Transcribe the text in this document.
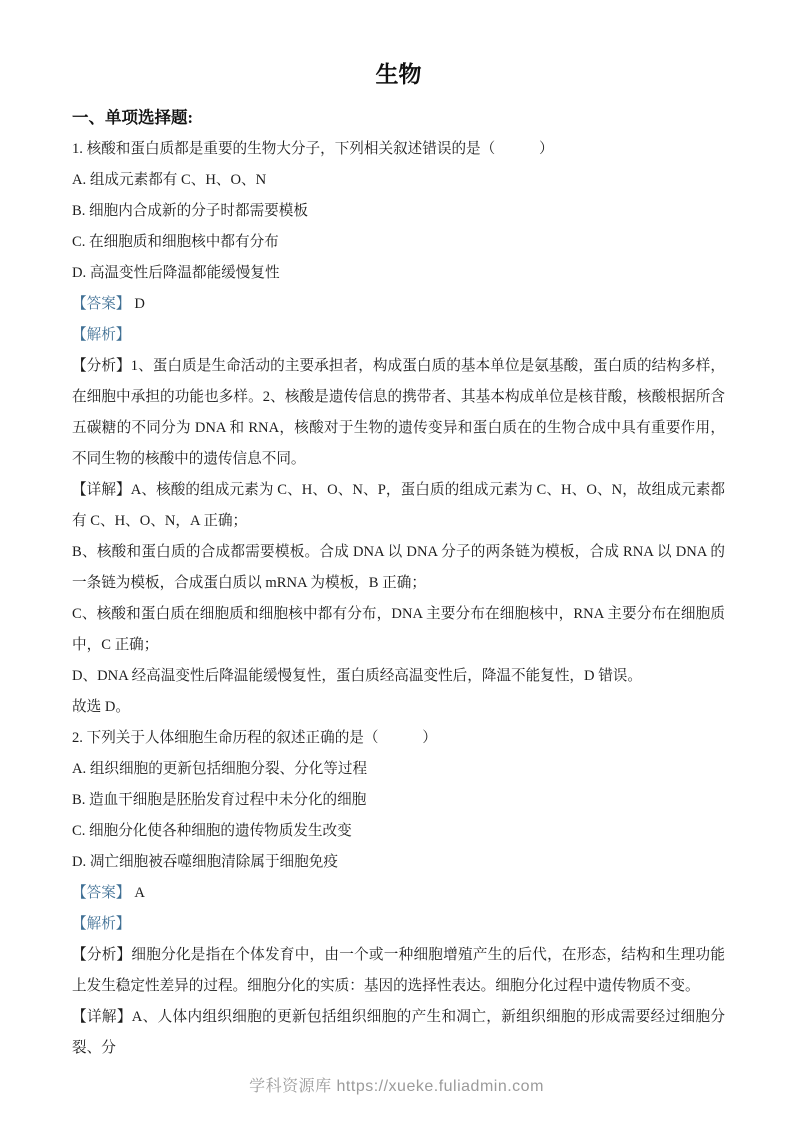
生物
一、单项选择题:

1. 核酸和蛋白质都是重要的生物大分子，下列相关叙述错误的是（　　　）

A. 组成元素都有 C、H、O、N

B. 细胞内合成新的分子时都需要模板

C. 在细胞质和细胞核中都有分布

D. 高温变性后降温都能缓慢复性

【答案】 D

【解析】

【分析】1、蛋白质是生命活动的主要承担者，构成蛋白质的基本单位是氨基酸，蛋白质的结构多样，在细胞中承担的功能也多样。2、核酸是遗传信息的携带者、其基本构成单位是核苷酸，核酸根据所含五碳糖的不同分为 DNA 和 RNA，核酸对于生物的遗传变异和蛋白质在的生物合成中具有重要作用，不同生物的核酸中的遗传信息不同。

【详解】A、核酸的组成元素为 C、H、O、N、P，蛋白质的组成元素为 C、H、O、N，故组成元素都有 C、H、O、N，A 正确；

B、核酸和蛋白质的合成都需要模板。合成 DNA 以 DNA 分子的两条链为模板，合成 RNA 以 DNA 的一条链为模板，合成蛋白质以 mRNA 为模板，B 正确；

C、核酸和蛋白质在细胞质和细胞核中都有分布，DNA 主要分布在细胞核中，RNA 主要分布在细胞质中，C 正确；

D、DNA 经高温变性后降温能缓慢复性，蛋白质经高温变性后，降温不能复性，D 错误。

故选 D。

2. 下列关于人体细胞生命历程的叙述正确的是（　　　）

A. 组织细胞的更新包括细胞分裂、分化等过程

B. 造血干细胞是胚胎发育过程中未分化的细胞

C. 细胞分化使各种细胞的遗传物质发生改变

D. 凋亡细胞被吞噬细胞清除属于细胞免疫

【答案】 A

【解析】

【分析】细胞分化是指在个体发育中，由一个或一种细胞增殖产生的后代，在形态，结构和生理功能上发生稳定性差异的过程。细胞分化的实质：基因的选择性表达。细胞分化过程中遗传物质不变。

【详解】A、人体内组织细胞的更新包括组织细胞的产生和凋亡，新组织细胞的形成需要经过细胞分裂、分

学科资源库 https://xueke.fuliadmin.com
